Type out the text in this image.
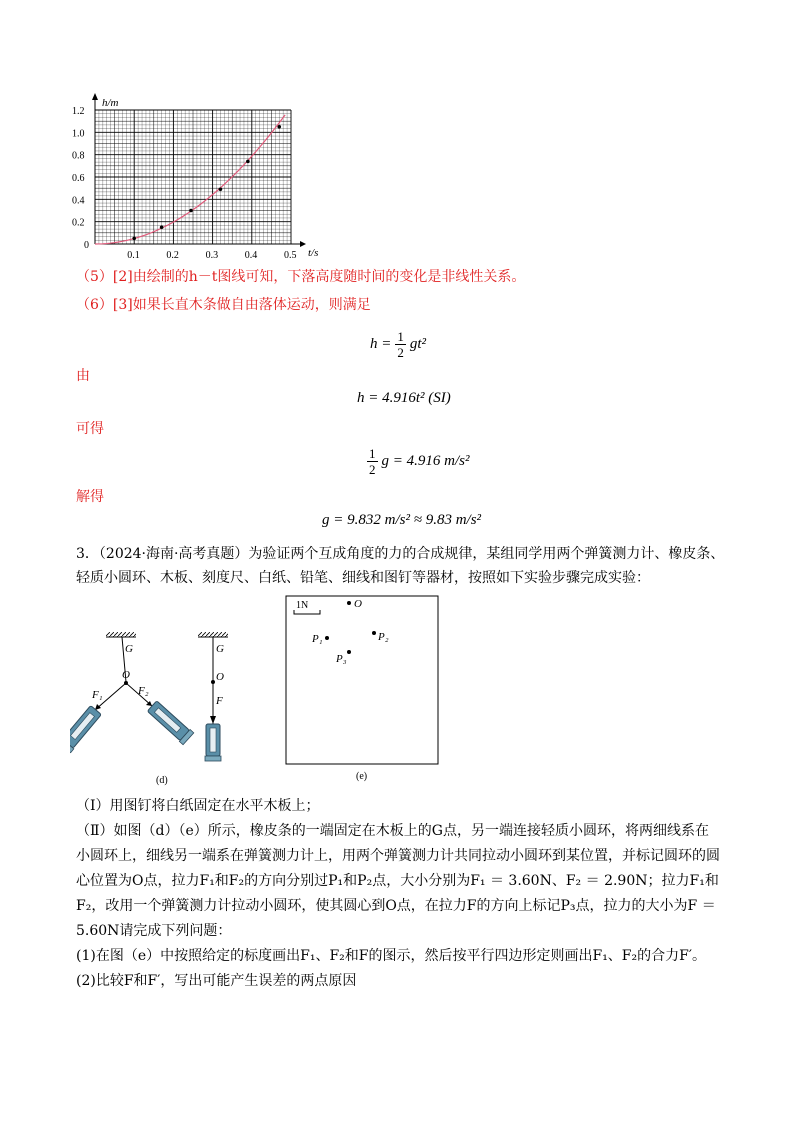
h/m
t/s
0
0.2
0.4
0.6
0.8
1.0
1.2
0.1	0.2	0.3	0.4	0.5
（5）[2]由绘制的h－t图线可知，下落高度随时间的变化是非线性关系。
（6）[3]如果长直木条做自由落体运动，则满足
$h = \frac{1}{2} gt^2$
由
h = 4.916t² (SI)
可得
$\frac{1}{2}$ g = 4.916 m/s²
解得
g = 9.832 m/s² ≈ 9.83 m/s²
3．（2024·海南·高考真题）为验证两个互成角度的力的合成规律，某组同学用两个弹簧测力计、橡皮条、
轻质小圆环、木板、刻度尺、白纸、铅笔、细线和图钉等器材，按照如下实验步骤完成实验：
G
O
F₁	F₂
G
O
F
(d)
1N	O
P₁	P₂
P₃
(e)
（Ⅰ）用图钉将白纸固定在水平木板上；
（Ⅱ）如图（d）（e）所示，橡皮条的一端固定在木板上的G点，另一端连接轻质小圆环，将两细线系在
小圆环上，细线另一端系在弹簧测力计上，用两个弹簧测力计共同拉动小圆环到某位置，并标记圆环的圆
心位置为O点，拉力F₁和F₂的方向分别过P₁和P₂点，大小分别为F₁ ＝ 3.60N、F₂ ＝ 2.90N；拉力F₁和
F₂，改用一个弹簧测力计拉动小圆环，使其圆心到O点，在拉力F的方向上标记P₃点，拉力的大小为F ＝
5.60N请完成下列问题：
(1)在图（e）中按照给定的标度画出F₁、F₂和F的图示，然后按平行四边形定则画出F₁、F₂的合力F′。
(2)比较F和F′，写出可能产生误差的两点原因
